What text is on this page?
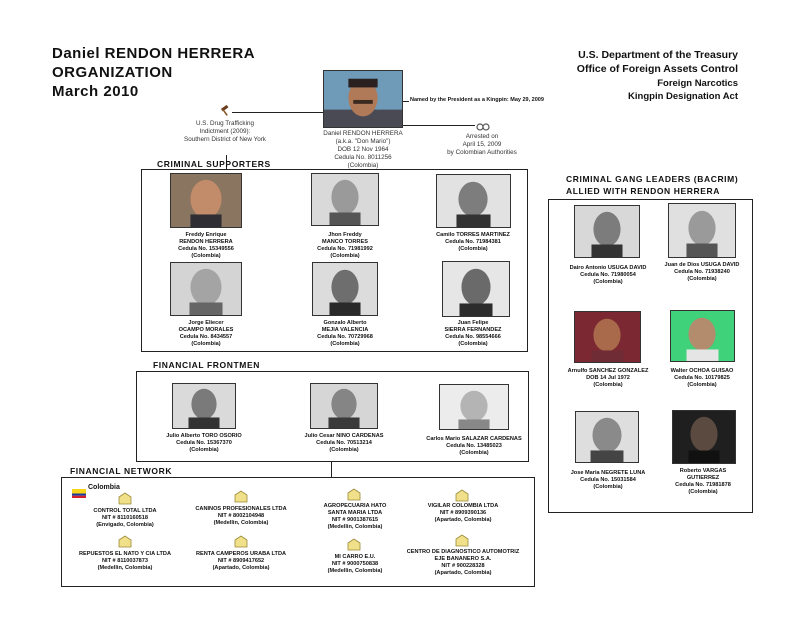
Daniel RENDON HERRERA
ORGANIZATION
March 2010
U.S. Department of the Treasury
Office of Foreign Assets Control
Foreign Narcotics
Kingpin Designation Act
Daniel RENDON HERRERA
(a.k.a. "Don Mario")
DOB 12 Nov 1964
Cedula No. 8011256
(Colombia)
Named by the President as a Kingpin: May 29, 2009
U.S. Drug Trafficking
Indictment (2009):
Southern District of New York	Arrested on
April 15, 2009
by Colombian Authorities
CRIMINAL SUPPORTERS
Freddy Enrique
RENDON HERRERA
Cedula No. 15349556
(Colombia)
Jhon Freddy
MANCO TORRES
Cedula No. 71981992
(Colombia)
Camilo TORRES MARTINEZ
Cedula No. 71984381
(Colombia)
Jorge Eliecer
OCAMPO MORALES
Cedula No. 8434557
(Colombia)
Gonzalo Alberto
MEJIA VALENCIA
Cedula No. 70729968
(Colombia)
Juan Felipe
SIERRA FERNANDEZ
Cedula No. 98554666
(Colombia)
FINANCIAL FRONTMEN
Julio Alberto TORO OSORIO
Cedula No. 15367370
(Colombia)
Julio Cesar NINO CARDENAS
Cedula No. 70513214
(Colombia)
Carlos Mario SALAZAR CARDENAS
Cedula No. 13485023
(Colombia)
FINANCIAL NETWORK
Colombia
CONTROL TOTAL LTDA
NIT # 8110160518
(Envigado, Colombia)
CANINOS PROFESIONALES LTDA
NIT # 8002104948
(Medellin, Colombia)
AGROPECUARIA HATO
SANTA MARIA LTDA
NIT # 9001387615
(Medellin, Colombia)
VIGILAR COLOMBIA LTDA
NIT # 8909390136
(Apartado, Colombia)
REPUESTOS EL NATO Y CIA LTDA
NIT # 8110037873
(Medellin, Colombia)
RENTA CAMPEROS URABA LTDA
NIT # 8909417652
(Apartado, Colombia)
MI CARRO E.U.
NIT # 9000750838
(Medellin, Colombia)
CENTRO DE DIAGNOSTICO AUTOMOTRIZ
EJE BANANERO S.A.
NIT # 900228328
(Apartado, Colombia)
CRIMINAL GANG LEADERS (BACRIM)
ALLIED WITH RENDON HERRERA
Dairo Antonio USUGA DAVID
Cedula No. 71980054
(Colombia)
Juan de Dios USUGA DAVID
Cedula No. 71938240
(Colombia)
Arnulfo SANCHEZ GONZALEZ
DOB 14 Jul 1972
(Colombia)
Walter OCHOA GUISAO
Cedula No. 10179825
(Colombia)
Jose Maria NEGRETE LUNA
Cedula No. 15031584
(Colombia)
Roberto VARGAS
GUTIERREZ
Cedula No. 71981878
(Colombia)
